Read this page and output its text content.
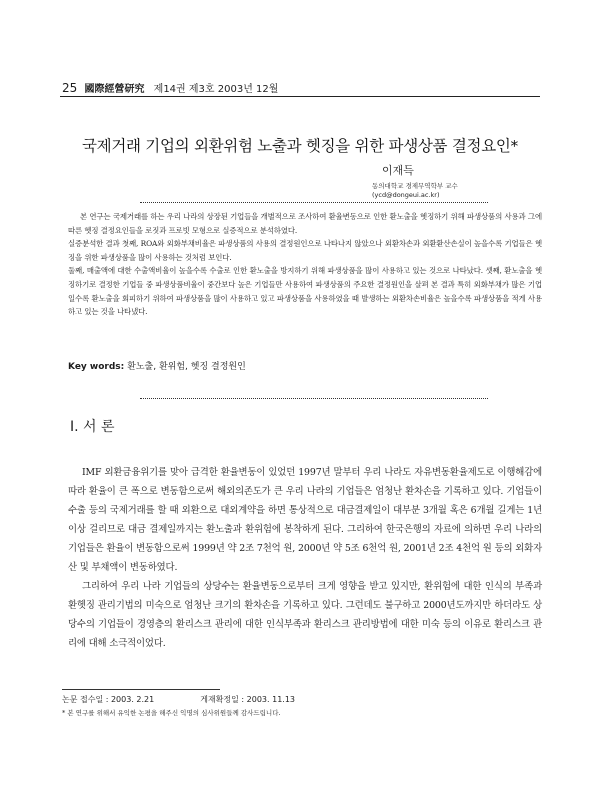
25 國際經營研究 제14권 제3호 2003년 12월
국제거래 기업의 외환위험 노출과 헷징을 위한 파생상품 결정요인*
이재득
동의대학교 경제무역학부 교수
(ycd@dongeui.ac.kr)

본 연구는 국제거래를 하는 우리 나라의 상장된 기업들을 개별적으로 조사하여 환율변동으로 인한 환노출을 헷징하기 위해 파생상품의 사용과 그에 따른 헷징 결정요인들을 로짓과 프로빗 모형으로 실증적으로 분석하였다.

실증분석한 결과 첫째, ROA와 외화부채비율은 파생상품의 사용의 결정원인으로 나타나지 않았으나 외환차손과 외환환산손실이 높을수록 기업들은 헷징을 위한 파생상품을 많이 사용하는 것처럼 보인다.

둘째, 매출액에 대한 수출액비율이 높을수록 수출로 인한 환노출을 방지하기 위해 파생상품을 많이 사용하고 있는 것으로 나타났다. 셋째, 환노출을 헷징하기로 결정한 기업들 중 파생상품비율이 중간보다 높은 기업들만 사용하여 파생상품의 주요한 결정원인을 살펴 본 결과 특히 외화부채가 많은 기업일수록 환노출을 회피하기 위하여 파생상품을 많이 사용하고 있고 파생상품을 사용하였을 때 발생하는 외환차손비율은 높을수록 파생상품을 적게 사용하고 있는 것을 나타냈다.

Key words: 환노출, 환위험, 헷징 결정원인
Ⅰ. 서 론

IMF 외환금융위기를 맞아 급격한 환율변동이 있었던 1997년 말부터 우리 나라도 자유변동환율제도로 이행해감에 따라 환율이 큰 폭으로 변동함으로써 해외의존도가 큰 우리 나라의 기업들은 엄청난 환차손을 기록하고 있다. 기업들이 수출 등의 국제거래를 할 때 외환으로 대외계약을 하면 통상적으로 대금결제일이 대부분 3개월 혹은 6개월 길게는 1년이상 걸리므로 대금 결제일까지는 환노출과 환위험에 봉착하게 된다. 그리하여 한국은행의 자료에 의하면 우리 나라의 기업들은 환율이 변동함으로써 1999년 약 2조 7천억 원, 2000년 약 5조 6천억 원, 2001년 2조 4천억 원 등의 외화자산 및 부채액이 변동하였다.

그리하여 우리 나라 기업들의 상당수는 환율변동으로부터 크게 영향을 받고 있지만, 환위험에 대한 인식의 부족과 환헷징 관리기법의 미숙으로 엄청난 크기의 환차손을 기록하고 있다. 그런데도 불구하고 2000년도까지만 하더라도 상당수의 기업들이 경영층의 환리스크 관리에 대한 인식부족과 환리스크 관리방법에 대한 미숙 등의 이유로 환리스크 관리에 대해 소극적이었다.

논문 접수일 : 2003. 2.21	게재확정일 : 2003. 11.13
* 본 연구를 위해서 유익한 논평을 해주신 익명의 심사위원들께 감사드립니다.
